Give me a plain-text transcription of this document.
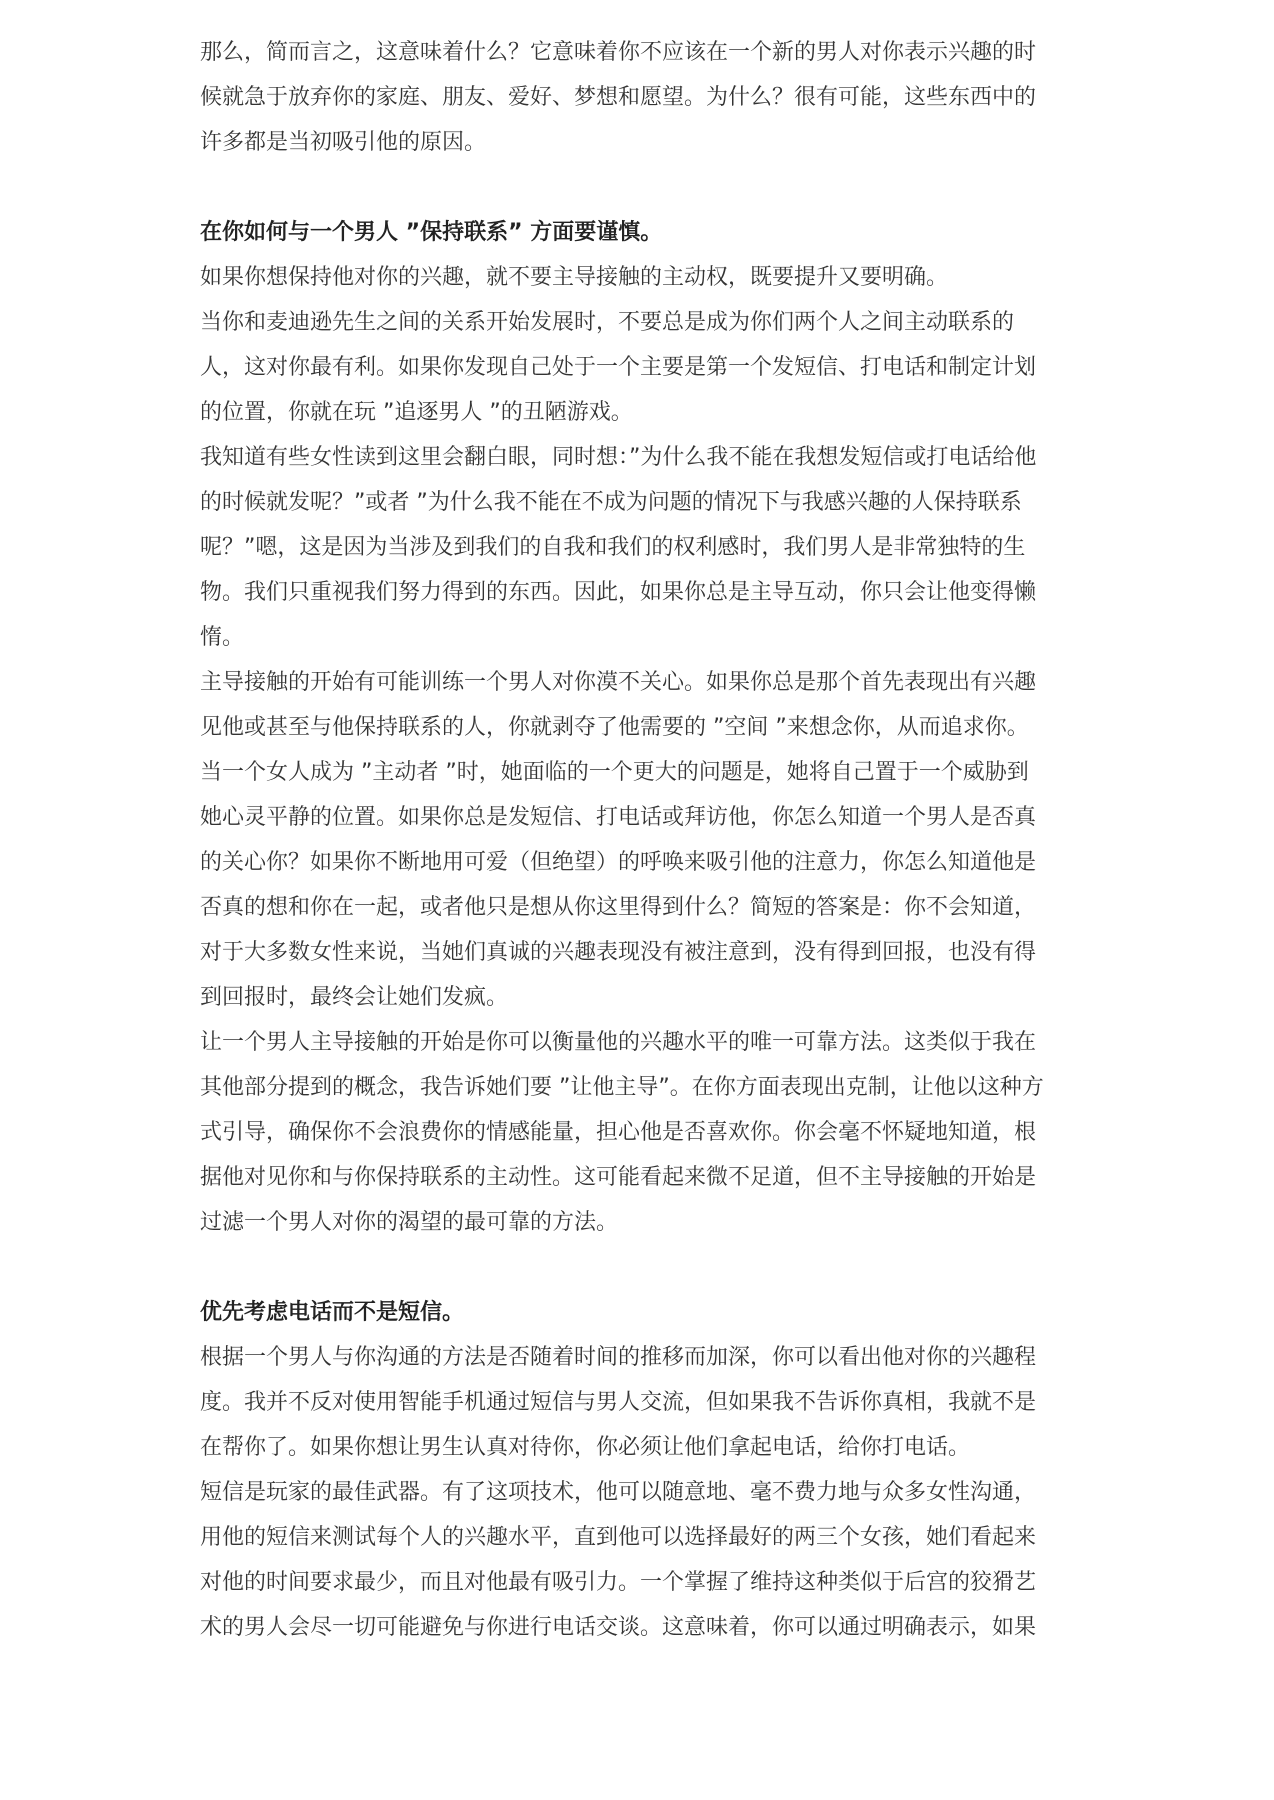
那么，简而言之，这意味着什么？它意味着你不应该在一个新的男人对你表示兴趣的时
候就急于放弃你的家庭、朋友、爱好、梦想和愿望。为什么？很有可能，这些东西中的
许多都是当初吸引他的原因。
在你如何与一个男人 ”保持联系” 方面要谨慎。
如果你想保持他对你的兴趣，就不要主导接触的主动权，既要提升又要明确。
当你和麦迪逊先生之间的关系开始发展时，不要总是成为你们两个人之间主动联系的
人，这对你最有利。如果你发现自己处于一个主要是第一个发短信、打电话和制定计划
的位置，你就在玩 ”追逐男人 ”的丑陋游戏。
我知道有些女性读到这里会翻白眼，同时想：”为什么我不能在我想发短信或打电话给他
的时候就发呢？”或者 ”为什么我不能在不成为问题的情况下与我感兴趣的人保持联系
呢？”嗯，这是因为当涉及到我们的自我和我们的权利感时，我们男人是非常独特的生
物。我们只重视我们努力得到的东西。因此，如果你总是主导互动，你只会让他变得懒
惰。
主导接触的开始有可能训练一个男人对你漠不关心。如果你总是那个首先表现出有兴趣
见他或甚至与他保持联系的人，你就剥夺了他需要的 ”空间 ”来想念你，从而追求你。
当一个女人成为 ”主动者 ”时，她面临的一个更大的问题是，她将自己置于一个威胁到
她心灵平静的位置。如果你总是发短信、打电话或拜访他，你怎么知道一个男人是否真
的关心你？如果你不断地用可爱（但绝望）的呼唤来吸引他的注意力，你怎么知道他是
否真的想和你在一起，或者他只是想从你这里得到什么？简短的答案是：你不会知道，
对于大多数女性来说，当她们真诚的兴趣表现没有被注意到，没有得到回报，也没有得
到回报时，最终会让她们发疯。
让一个男人主导接触的开始是你可以衡量他的兴趣水平的唯一可靠方法。这类似于我在
其他部分提到的概念，我告诉她们要 ”让他主导”。在你方面表现出克制，让他以这种方
式引导，确保你不会浪费你的情感能量，担心他是否喜欢你。你会毫不怀疑地知道，根
据他对见你和与你保持联系的主动性。这可能看起来微不足道，但不主导接触的开始是
过滤一个男人对你的渴望的最可靠的方法。
优先考虑电话而不是短信。
根据一个男人与你沟通的方法是否随着时间的推移而加深，你可以看出他对你的兴趣程
度。我并不反对使用智能手机通过短信与男人交流，但如果我不告诉你真相，我就不是
在帮你了。如果你想让男生认真对待你，你必须让他们拿起电话，给你打电话。
短信是玩家的最佳武器。有了这项技术，他可以随意地、毫不费力地与众多女性沟通，
用他的短信来测试每个人的兴趣水平，直到他可以选择最好的两三个女孩，她们看起来
对他的时间要求最少，而且对他最有吸引力。一个掌握了维持这种类似于后宫的狡猾艺
术的男人会尽一切可能避免与你进行电话交谈。这意味着，你可以通过明确表示，如果
